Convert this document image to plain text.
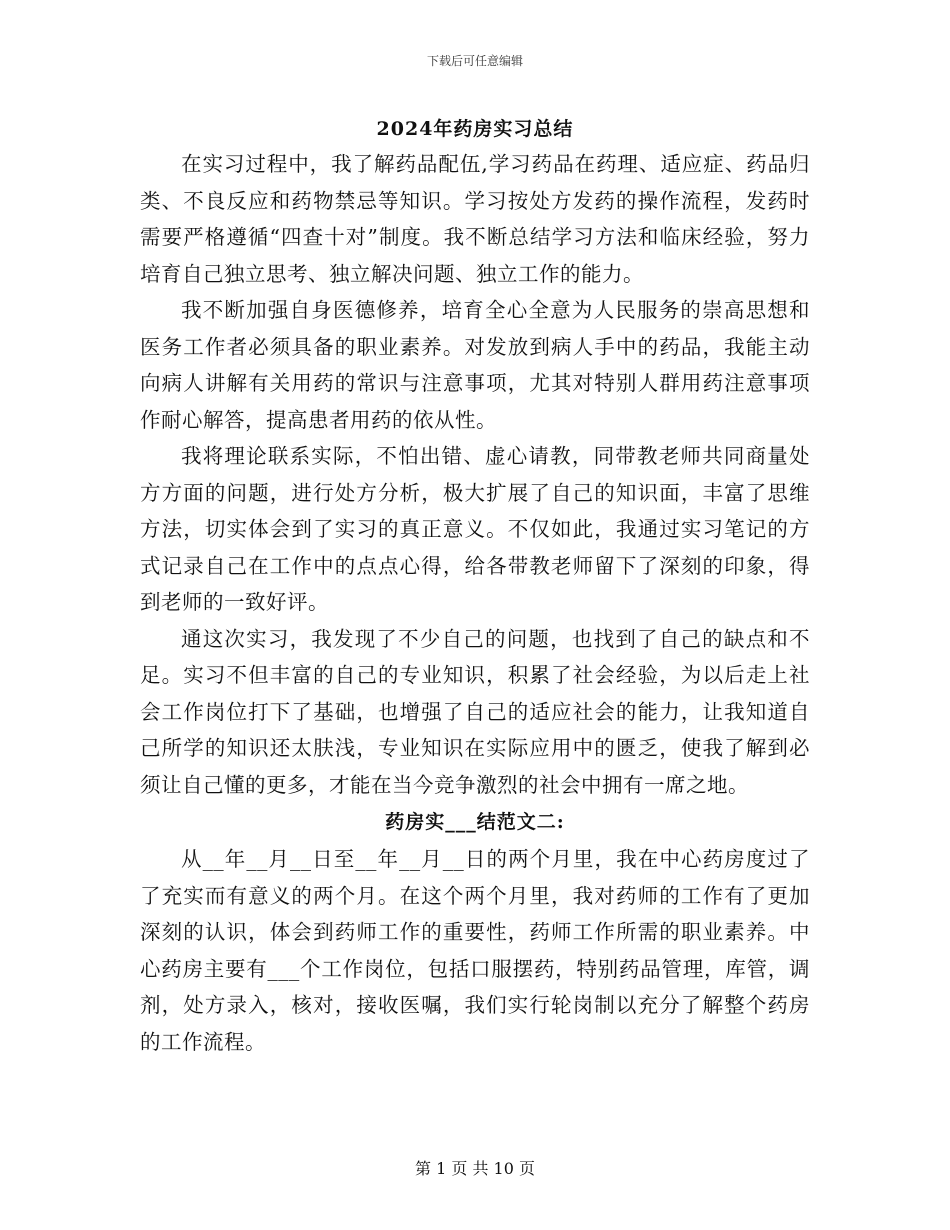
下载后可任意编辑
2024年药房实习总结

在实习过程中，我了解药品配伍,学习药品在药理、适应症、药品归类、不良反应和药物禁忌等知识。学习按处方发药的操作流程，发药时需要严格遵循“四查十对”制度。我不断总结学习方法和临床经验，努力培育自己独立思考、独立解决问题、独立工作的能力。

我不断加强自身医德修养，培育全心全意为人民服务的崇高思想和医务工作者必须具备的职业素养。对发放到病人手中的药品，我能主动向病人讲解有关用药的常识与注意事项，尤其对特别人群用药注意事项作耐心解答，提高患者用药的依从性。

我将理论联系实际，不怕出错、虚心请教，同带教老师共同商量处方方面的问题，进行处方分析，极大扩展了自己的知识面，丰富了思维方法，切实体会到了实习的真正意义。不仅如此，我通过实习笔记的方式记录自己在工作中的点点心得，给各带教老师留下了深刻的印象，得到老师的一致好评。

通这次实习，我发现了不少自己的问题，也找到了自己的缺点和不足。实习不但丰富的自己的专业知识，积累了社会经验，为以后走上社会工作岗位打下了基础，也增强了自己的适应社会的能力，让我知道自己所学的知识还太肤浅，专业知识在实际应用中的匮乏，使我了解到必须让自己懂的更多，才能在当今竞争激烈的社会中拥有一席之地。

药房实___结范文二:

从__年__月__日至__年__月__日的两个月里，我在中心药房度过了了充实而有意义的两个月。在这个两个月里，我对药师的工作有了更加深刻的认识，体会到药师工作的重要性，药师工作所需的职业素养。中心药房主要有___个工作岗位，包括口服摆药，特别药品管理，库管，调剂，处方录入，核对，接收医嘱，我们实行轮岗制以充分了解整个药房的工作流程。

第 1 页 共 10 页
